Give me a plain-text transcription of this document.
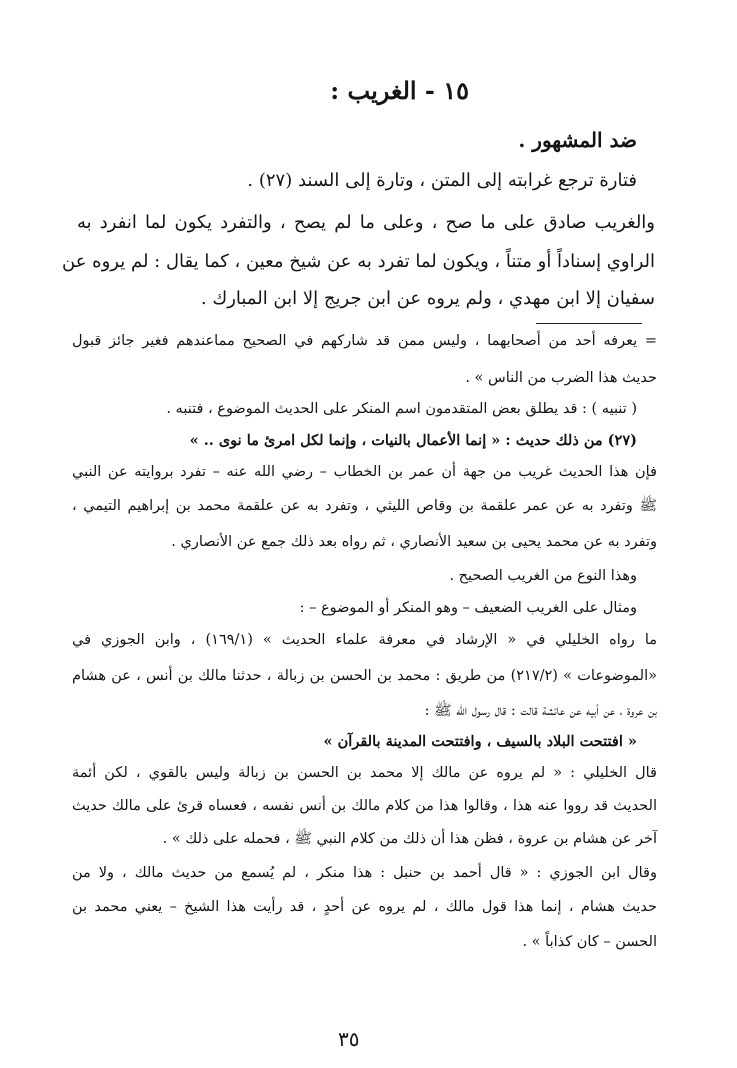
١٥ - الغريب :
ضد المشهور .
فتارة ترجع غرابته إلى المتن ، وتارة إلى السند (٢٧) .
والغريب صادق على ما صح ، وعلى ما لم يصح ، والتفرد يكون لما انفرد به
الراوي إسناداً أو متناً ، ويكون لما تفرد به عن شيخ معين ، كما يقال : لم يروه عن
سفيان إلا ابن مهدي ، ولم يروه عن ابن جريج إلا ابن المبارك .
= يعرفه أحد من أصحابهما ، وليس ممن قد شاركهم في الصحيح مماعندهم فغير جائز قبول
حديث هذا الضرب من الناس » .
( تنبيه ) : قد يطلق بعض المتقدمون اسم المنكر على الحديث الموضوع ، فتنبه .
(٢٧) من ذلك حديث : « إنما الأعمال بالنيات ، وإنما لكل امرئ ما نوى .. »
فإن هذا الحديث غريب من جهة أن عمر بن الخطاب – رضي الله عنه – تفرد بروايته عن النبي
ﷺ وتفرد به عن عمر علقمة بن وقاص الليثي ، وتفرد به عن علقمة محمد بن إبراهيم التيمي ،
وتفرد به عن محمد يحيى بن سعيد الأنصاري ، ثم رواه بعد ذلك جمع عن الأنصاري .
وهذا النوع من الغريب الصحيح .
ومثال على الغريب الضعيف – وهو المنكر أو الموضوع – :
ما رواه الخليلي في « الإرشاد في معرفة علماء الحديث » (١٦٩/١) ، وابن الجوزي في
«الموضوعات » (٢١٧/٢) من طريق : محمد بن الحسن بن زبالة ، حدثنا مالك بن أنس ، عن هشام
بن عروة ، عن أبيه عن عائشة قالت : قال رسول الله ﷺ :
« افتتحت البلاد بالسيف ، وافتتحت المدينة بالقرآن »
قال الخليلي : « لم يروه عن مالك إلا محمد بن الحسن بن زبالة وليس بالقوي ، لكن أئمة
الحديث قد رووا عنه هذا ، وقالوا هذا من كلام مالك بن أنس نفسه ، فعساه قرئ على مالك حديث
آخر عن هشام بن عروة ، فظن هذا أن ذلك من كلام النبي ﷺ ، فحمله على ذلك » .
وقال ابن الجوزي : « قال أحمد بن حنبل : هذا منكر ، لم يُسمع من حديث مالك ، ولا من
حديث هشام ، إنما هذا قول مالك ، لم يروه عن أحدٍ ، قد رأيت هذا الشيخ – يعني محمد بن
الحسن – كان كذاباً » .
٣٥
